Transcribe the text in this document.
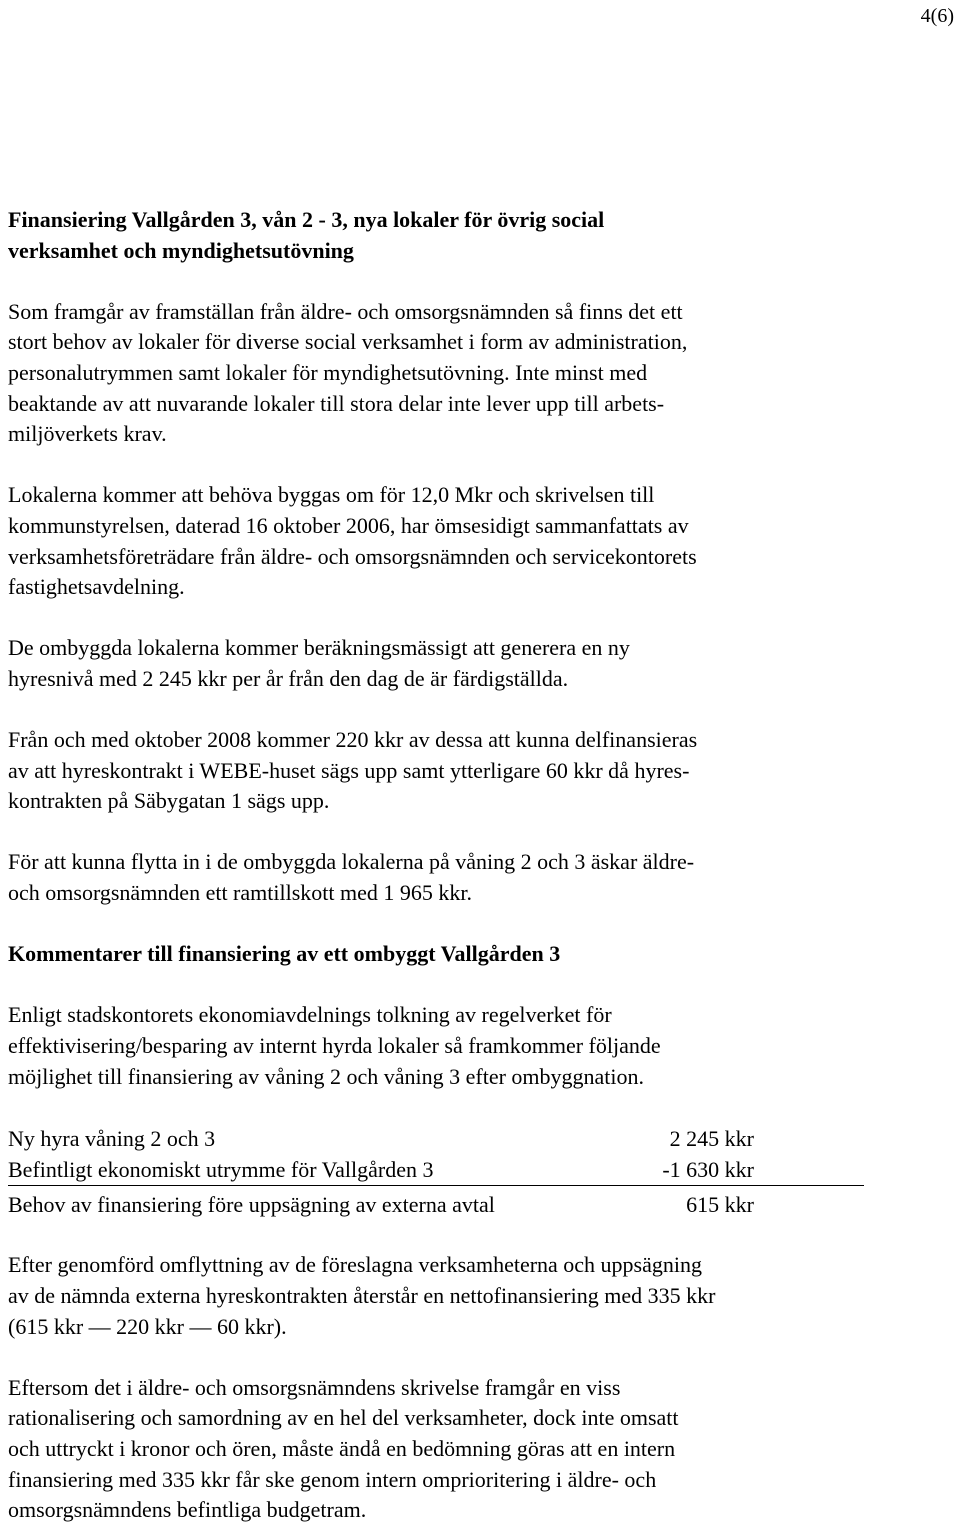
4(6)
Finansiering Vallgården 3, vån 2 - 3, nya lokaler för övrig social
verksamhet och myndighetsutövning

Som framgår av framställan från äldre- och omsorgsnämnden så finns det ett
stort behov av lokaler för diverse social verksamhet i form av administration,
personalutrymmen samt lokaler för myndighetsutövning. Inte minst med
beaktande av att nuvarande lokaler till stora delar inte lever upp till arbets-
miljöverkets krav.

Lokalerna kommer att behöva byggas om för 12,0 Mkr och skrivelsen till
kommunstyrelsen, daterad 16 oktober 2006, har ömsesidigt sammanfattats av
verksamhetsföreträdare från äldre- och omsorgsnämnden och servicekontorets
fastighetsavdelning.

De ombyggda lokalerna kommer beräkningsmässigt att generera en ny
hyresnivå med 2 245 kkr per år från den dag de är färdigställda.

Från och med oktober 2008 kommer 220 kkr av dessa att kunna delfinansieras
av att hyreskontrakt i WEBE-huset sägs upp samt ytterligare 60 kkr då hyres-
kontrakten på Säbygatan 1 sägs upp.

För att kunna flytta in i de ombyggda lokalerna på våning 2 och 3 äskar äldre-
och omsorgsnämnden ett ramtillskott med 1 965 kkr.

Kommentarer till finansiering av ett ombyggt Vallgården 3

Enligt stadskontorets ekonomiavdelnings tolkning av regelverket för
effektivisering/besparing av internt hyrda lokaler så framkommer följande
möjlighet till finansiering av våning 2 och våning 3 efter ombyggnation.

Ny hyra våning 2 och 3	2 245 kkr
Befintligt ekonomiskt utrymme för Vallgården 3	-1 630 kkr
Behov av finansiering före uppsägning av externa avtal	615 kkr

Efter genomförd omflyttning av de föreslagna verksamheterna och uppsägning
av de nämnda externa hyreskontrakten återstår en nettofinansiering med 335 kkr
(615 kkr — 220 kkr — 60 kkr).

Eftersom det i äldre- och omsorgsnämndens skrivelse framgår en viss
rationalisering och samordning av en hel del verksamheter, dock inte omsatt
och uttryckt i kronor och ören, måste ändå en bedömning göras att en intern
finansiering med 335 kkr får ske genom intern omprioritering i äldre- och
omsorgsnämndens befintliga budgetram.
